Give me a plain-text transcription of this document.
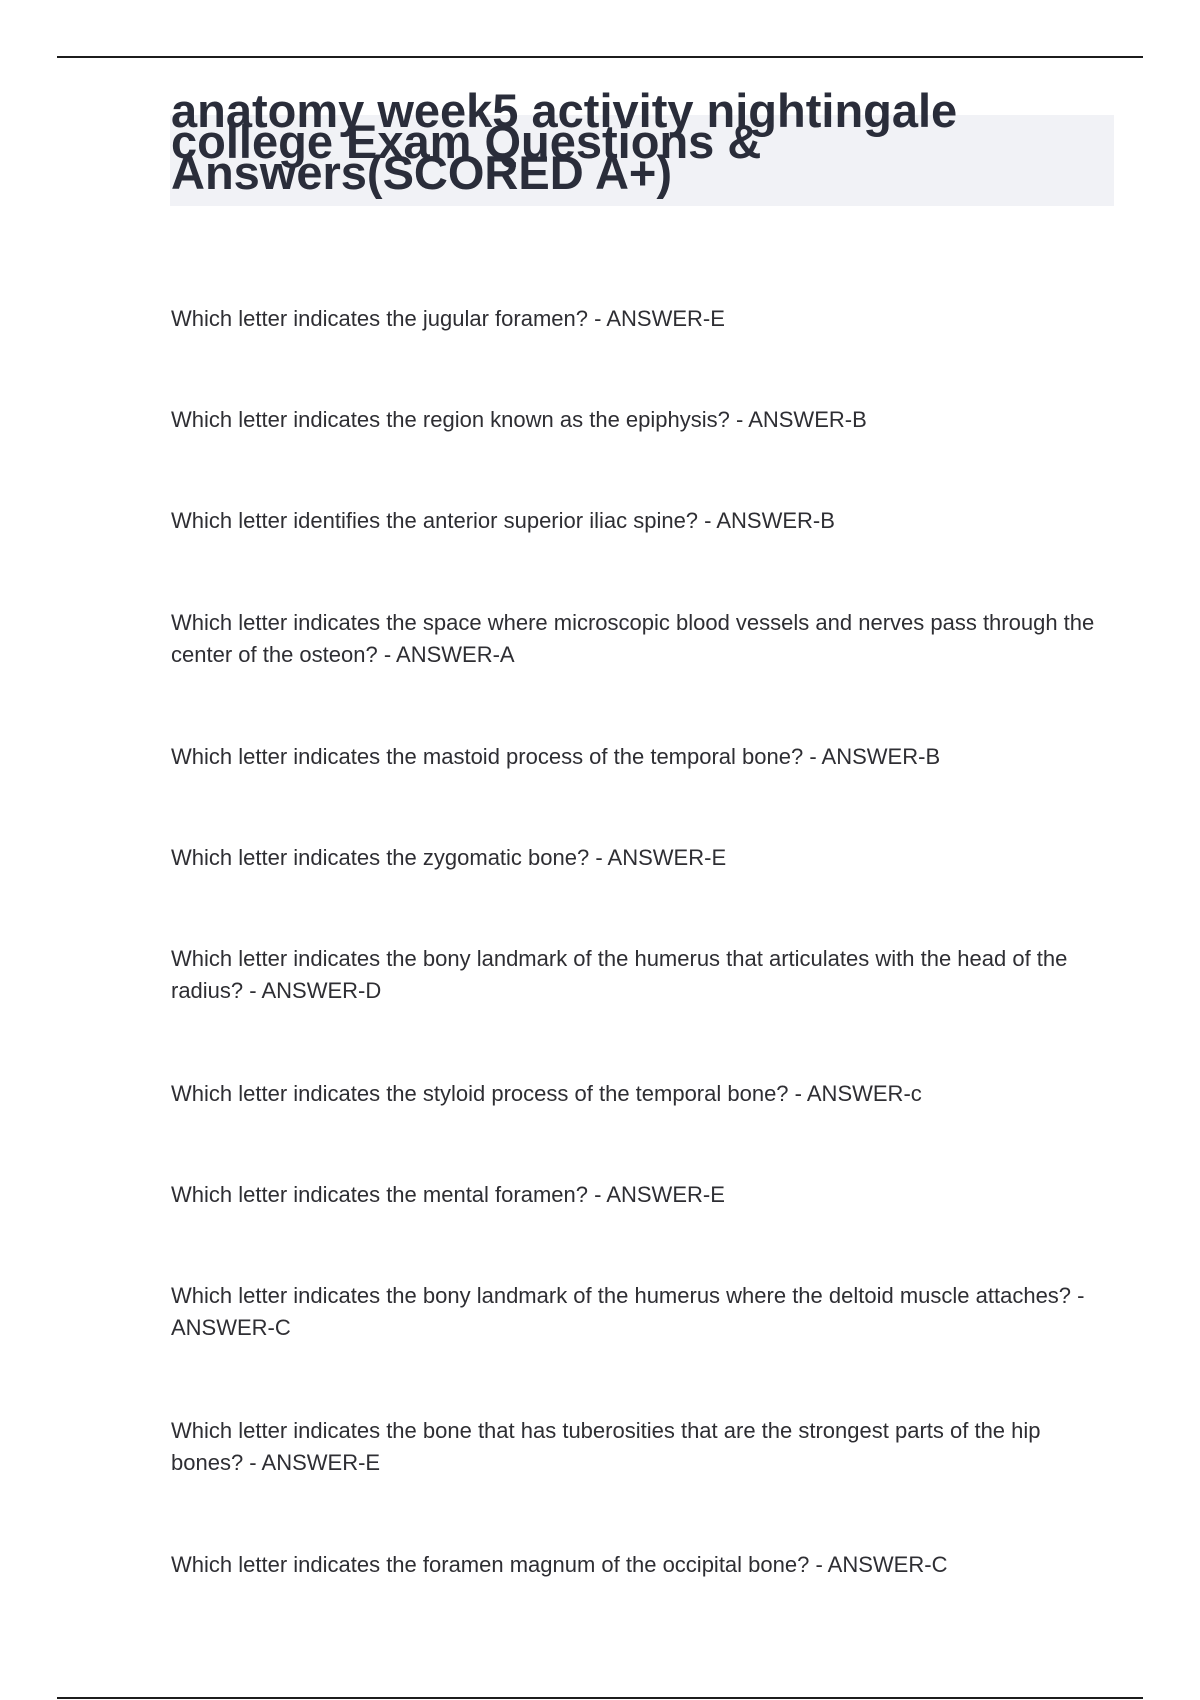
anatomy week5 activity nightingale college Exam Questions & Answers(SCORED A+)

Which letter indicates the jugular foramen? - ANSWER-E

Which letter indicates the region known as the epiphysis? - ANSWER-B

Which letter identifies the anterior superior iliac spine? - ANSWER-B

Which letter indicates the space where microscopic blood vessels and nerves pass through the center of the osteon? - ANSWER-A

Which letter indicates the mastoid process of the temporal bone? - ANSWER-B

Which letter indicates the zygomatic bone? - ANSWER-E

Which letter indicates the bony landmark of the humerus that articulates with the head of the radius? - ANSWER-D

Which letter indicates the styloid process of the temporal bone? - ANSWER-c

Which letter indicates the mental foramen? - ANSWER-E

Which letter indicates the bony landmark of the humerus where the deltoid muscle attaches? - ANSWER-C

Which letter indicates the bone that has tuberosities that are the strongest parts of the hip bones? - ANSWER-E

Which letter indicates the foramen magnum of the occipital bone? - ANSWER-C
